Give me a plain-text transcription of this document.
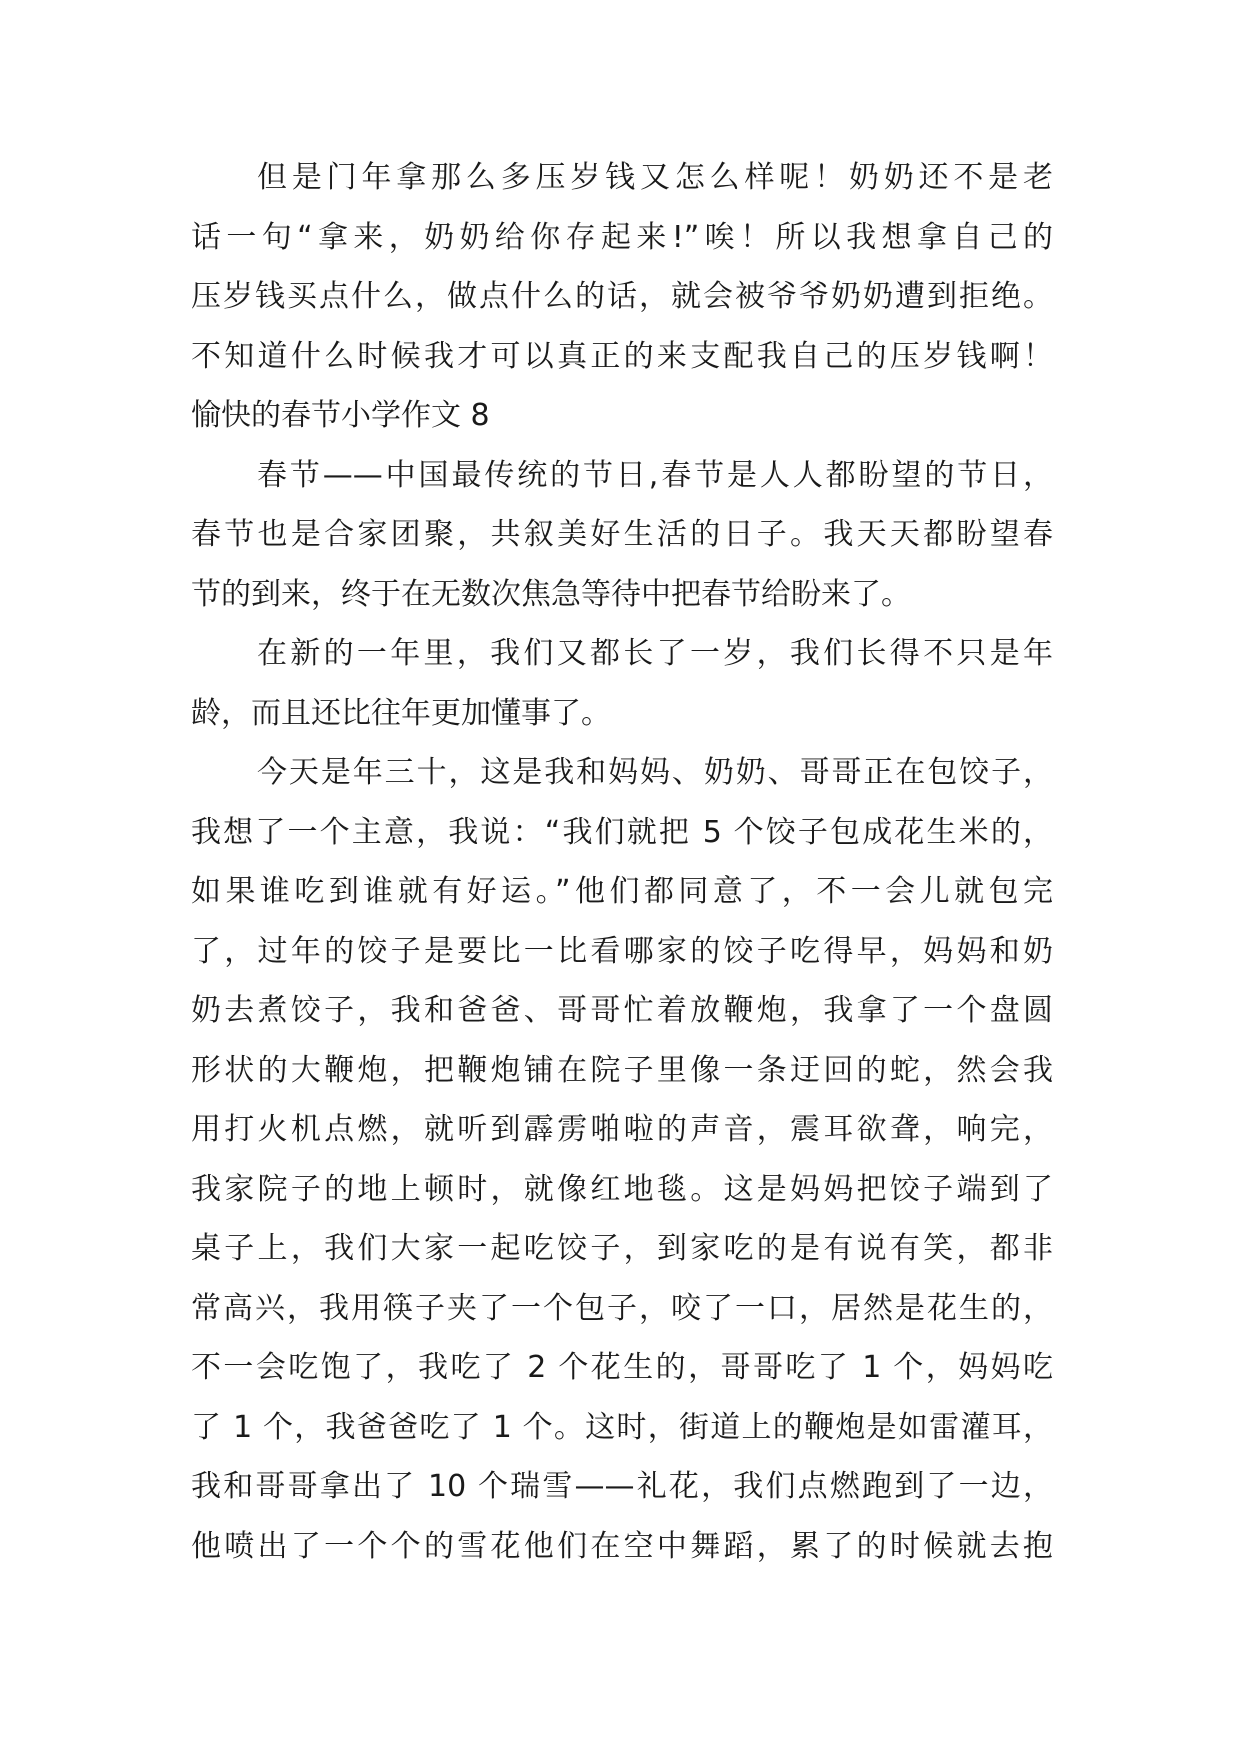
但是门年拿那么多压岁钱又怎么样呢！奶奶还不是老
话一句“拿来，奶奶给你存起来!”唉！所以我想拿自己的
压岁钱买点什么，做点什么的话，就会被爷爷奶奶遭到拒绝。
不知道什么时候我才可以真正的来支配我自己的压岁钱啊！
愉快的春节小学作文 8
春节——中国最传统的节日,春节是人人都盼望的节日，
春节也是合家团聚，共叙美好生活的日子。我天天都盼望春
节的到来，终于在无数次焦急等待中把春节给盼来了。
在新的一年里，我们又都长了一岁，我们长得不只是年
龄，而且还比往年更加懂事了。
今天是年三十，这是我和妈妈、奶奶、哥哥正在包饺子，
我想了一个主意，我说：“我们就把 5 个饺子包成花生米的，
如果谁吃到谁就有好运。”他们都同意了，不一会儿就包完
了，过年的饺子是要比一比看哪家的饺子吃得早，妈妈和奶
奶去煮饺子，我和爸爸、哥哥忙着放鞭炮，我拿了一个盘圆
形状的大鞭炮，把鞭炮铺在院子里像一条迂回的蛇，然会我
用打火机点燃，就听到霹雳啪啦的声音，震耳欲聋，响完，
我家院子的地上顿时，就像红地毯。这是妈妈把饺子端到了
桌子上，我们大家一起吃饺子，到家吃的是有说有笑，都非
常高兴，我用筷子夹了一个包子，咬了一口，居然是花生的，
不一会吃饱了，我吃了 2 个花生的，哥哥吃了 1 个，妈妈吃
了 1 个，我爸爸吃了 1 个。这时，街道上的鞭炮是如雷灌耳，
我和哥哥拿出了 10 个瑞雪——礼花，我们点燃跑到了一边，
他喷出了一个个的雪花他们在空中舞蹈，累了的时候就去抱
